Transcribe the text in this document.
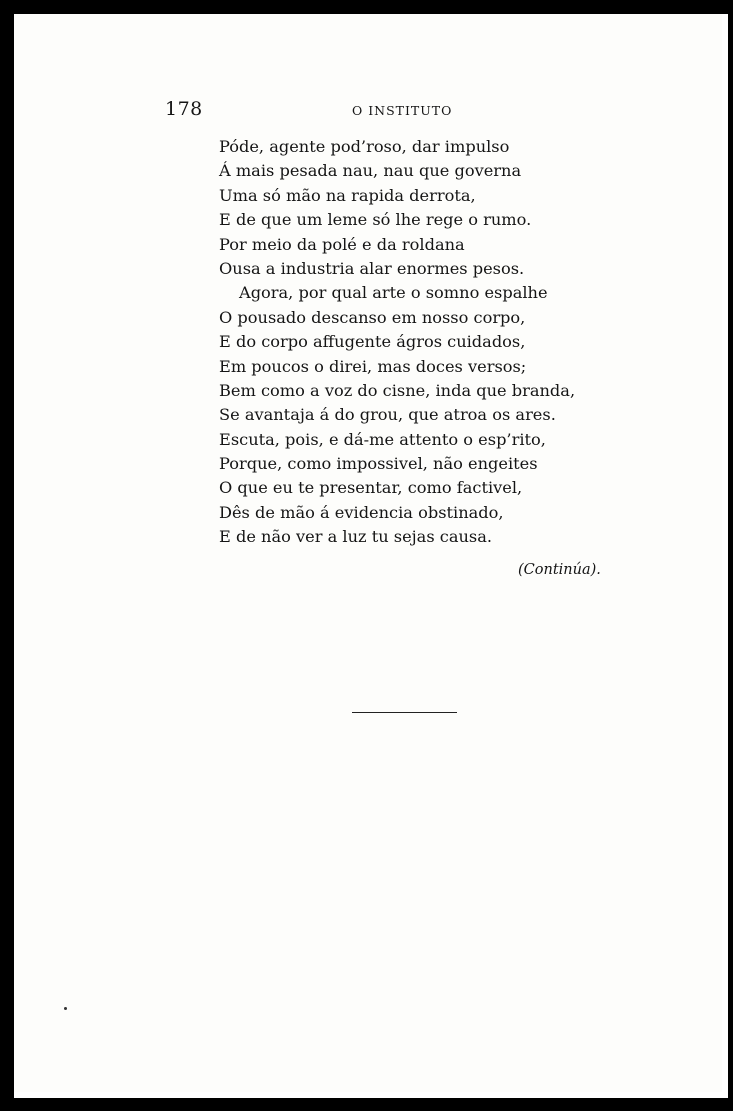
178	O INSTITUTO
Póde, agente pod’roso, dar impulso
Á mais pesada nau, nau que governa
Uma só mão na rapida derrota,
E de que um leme só lhe rege o rumo.
Por meio da polé e da roldana
Ousa a industria alar enormes pesos.
Agora, por qual arte o somno espalhe
O pousado descanso em nosso corpo,
E do corpo affugente ágros cuidados,
Em poucos o direi, mas doces versos;
Bem como a voz do cisne, inda que branda,
Se avantaja á do grou, que atroa os ares.
Escuta, pois, e dá-me attento o esp’rito,
Porque, como impossivel, não engeites
O que eu te presentar, como factivel,
Dês de mão á evidencia obstinado,
E de não ver a luz tu sejas causa.
(Continúa).
